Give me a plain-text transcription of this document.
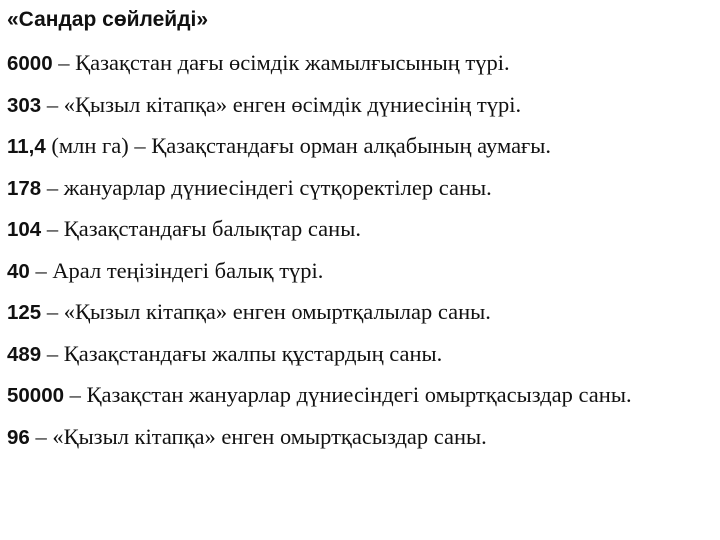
«Сандар сөйлейді»
6000 – Қазақстан дағы өсімдік жамылғысының түрі.
303 – «Қызыл кітапқа» енген өсімдік дүниесінің түрі.
11,4 (млн га) – Қазақстандағы орман алқабының аумағы.
178 – жануарлар дүниесіндегі сүтқоректілер саны.
104 – Қазақстандағы балықтар саны.
40 – Арал теңізіндегі балық түрі.
125 – «Қызыл кітапқа» енген омыртқалылар саны.
489 – Қазақстандағы жалпы құстардың саны.
50000 – Қазақстан жануарлар дүниесіндегі омыртқасыздар саны.
96 – «Қызыл кітапқа» енген омыртқасыздар саны.
